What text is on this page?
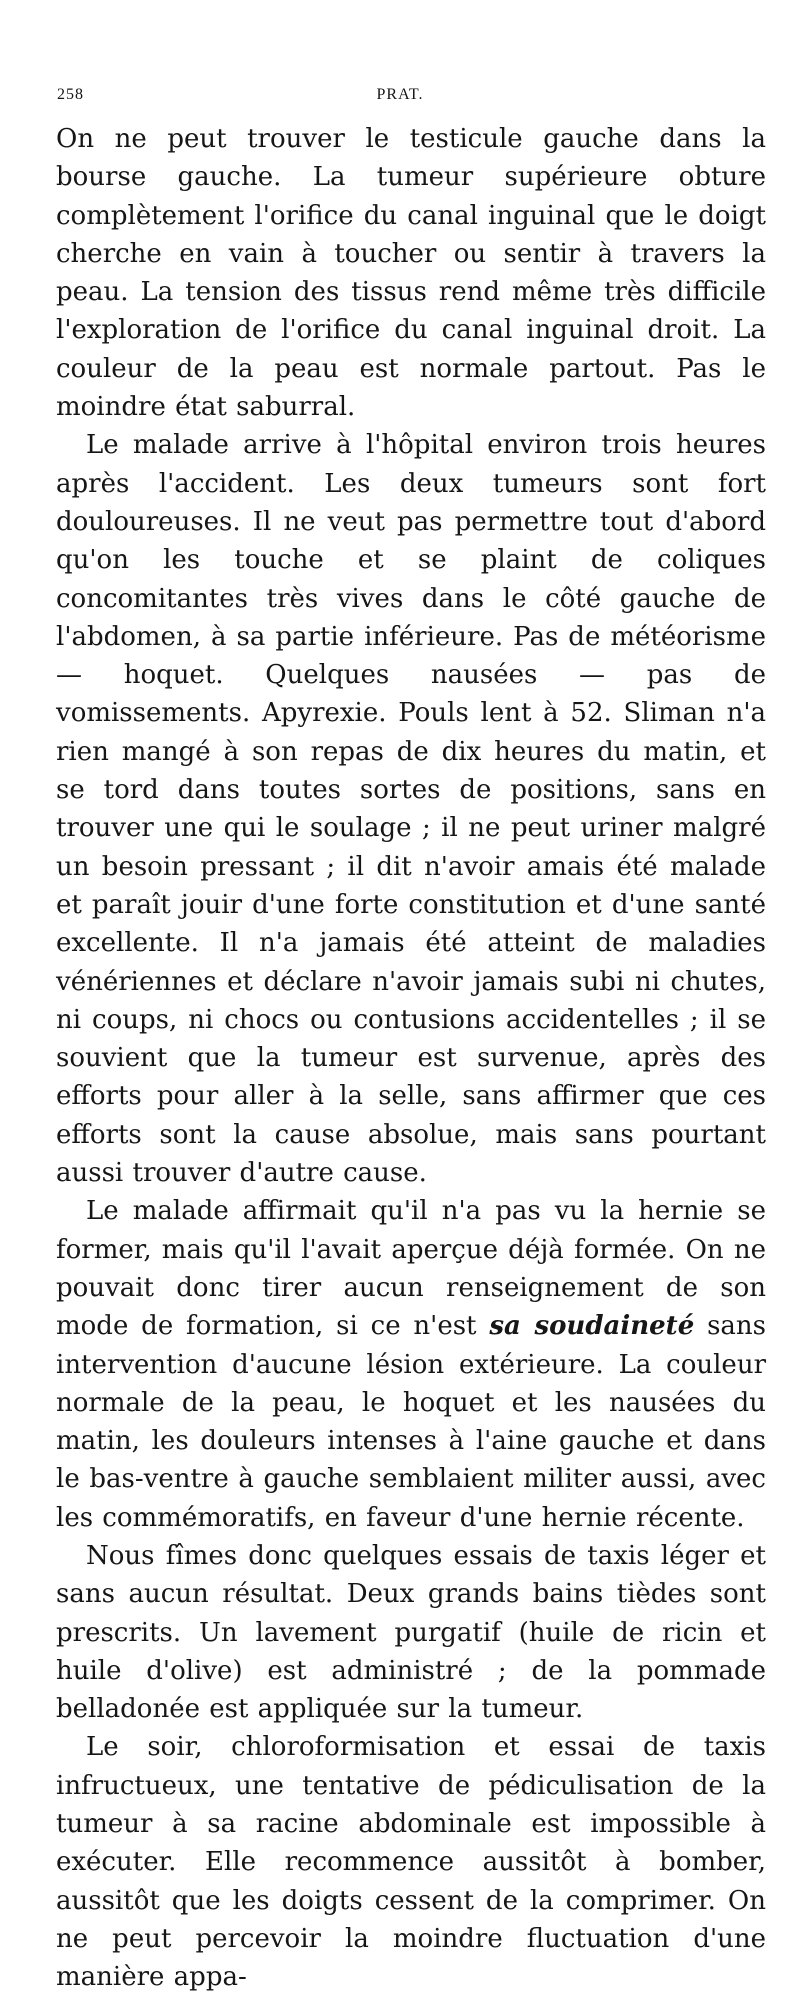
258	PRAT.

On ne peut trouver le testicule gauche dans la bourse gauche. La tumeur supérieure obture complètement l'orifice du canal inguinal que le doigt cherche en vain à toucher ou sentir à travers la peau. La tension des tissus rend même très difficile l'exploration de l'orifice du canal inguinal droit. La couleur de la peau est normale partout. Pas le moindre état saburral.

Le malade arrive à l'hôpital environ trois heures après l'accident. Les deux tumeurs sont fort douloureuses. Il ne veut pas permettre tout d'abord qu'on les touche et se plaint de coliques concomitantes très vives dans le côté gauche de l'abdomen, à sa partie inférieure. Pas de météorisme — hoquet. Quelques nausées — pas de vomissements. Apyrexie. Pouls lent à 52. Sliman n'a rien mangé à son repas de dix heures du matin, et se tord dans toutes sortes de positions, sans en trouver une qui le soulage ; il ne peut uriner malgré un besoin pressant ; il dit n'avoir amais été malade et paraît jouir d'une forte constitution et d'une santé excellente. Il n'a jamais été atteint de maladies vénériennes et déclare n'avoir jamais subi ni chutes, ni coups, ni chocs ou contusions accidentelles ; il se souvient que la tumeur est survenue, après des efforts pour aller à la selle, sans affirmer que ces efforts sont la cause absolue, mais sans pourtant aussi trouver d'autre cause.

Le malade affirmait qu'il n'a pas vu la hernie se former, mais qu'il l'avait aperçue déjà formée. On ne pouvait donc tirer aucun renseignement de son mode de formation, si ce n'est sa soudaineté sans intervention d'aucune lésion extérieure. La couleur normale de la peau, le hoquet et les nausées du matin, les douleurs intenses à l'aine gauche et dans le bas-ventre à gauche semblaient militer aussi, avec les commémoratifs, en faveur d'une hernie récente.

Nous fîmes donc quelques essais de taxis léger et sans aucun résultat. Deux grands bains tièdes sont prescrits. Un lavement purgatif (huile de ricin et huile d'olive) est administré ; de la pommade belladonée est appliquée sur la tumeur.

Le soir, chloroformisation et essai de taxis infructueux, une tentative de pédiculisation de la tumeur à sa racine abdominale est impossible à exécuter. Elle recommence aussitôt à bomber, aussitôt que les doigts cessent de la comprimer. On ne peut percevoir la moindre fluctuation d'une manière appa-
